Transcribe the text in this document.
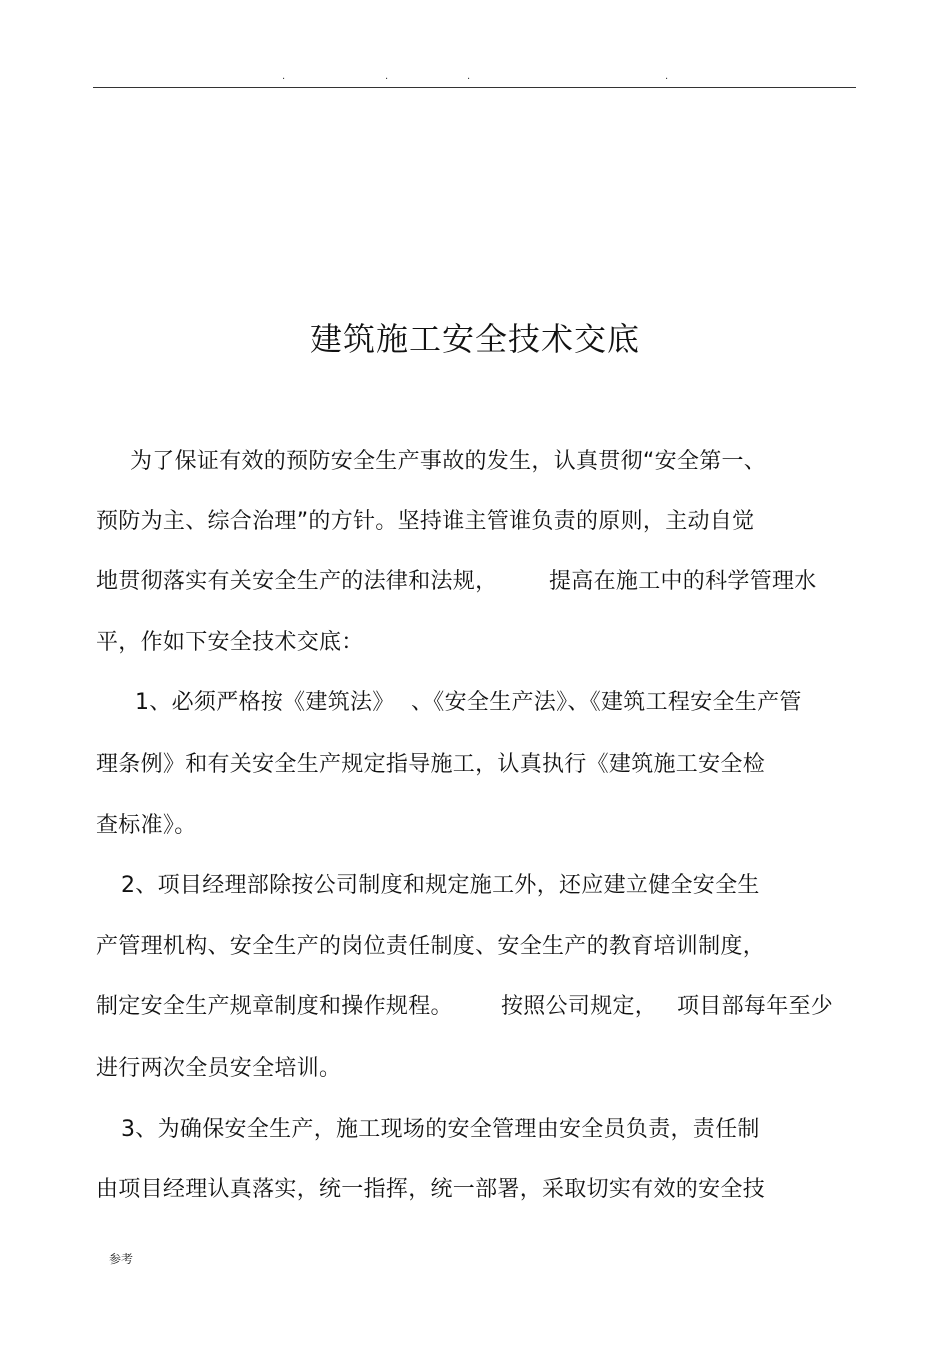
.	.	.	.
建筑施工安全技术交底
为了保证有效的预防安全生产事故的发生，认真贯彻“安全第一、
预防为主、综合治理”的方针。坚持谁主管谁负责的原则，主动自觉
地贯彻落实有关安全生产的法律和法规， 提高在施工中的科学管理水
平，作如下安全技术交底：
1、必须严格按《建筑法》 、《安全生产法》、《建筑工程安全生产管
理条例》和有关安全生产规定指导施工，认真执行《建筑施工安全检
查标准》。
2、项目经理部除按公司制度和规定施工外，还应建立健全安全生
产管理机构、安全生产的岗位责任制度、安全生产的教育培训制度，
制定安全生产规章制度和操作规程。 按照公司规定， 项目部每年至少
进行两次全员安全培训。
3、为确保安全生产，施工现场的安全管理由安全员负责，责任制
由项目经理认真落实，统一指挥，统一部署，采取切实有效的安全技
参考
